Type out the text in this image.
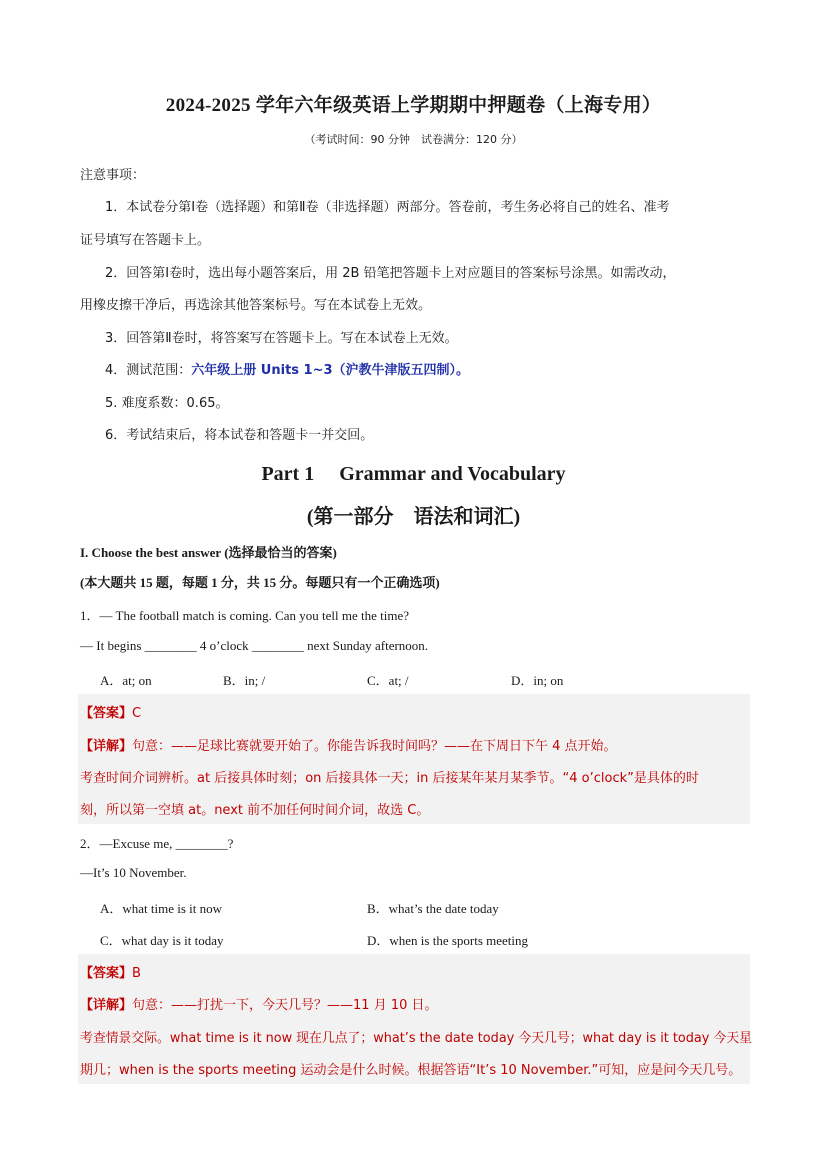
2024-2025 学年六年级英语上学期期中押题卷（上海专用）
（考试时间：90 分钟　试卷满分：120 分）
注意事项：
1．本试卷分第Ⅰ卷（选择题）和第Ⅱ卷（非选择题）两部分。答卷前，考生务必将自己的姓名、准考
证号填写在答题卡上。
2．回答第Ⅰ卷时，选出每小题答案后，用 2B 铅笔把答题卡上对应题目的答案标号涂黑。如需改动，
用橡皮擦干净后，再选涂其他答案标号。写在本试卷上无效。
3．回答第Ⅱ卷时，将答案写在答题卡上。写在本试卷上无效。
4．测试范围：六年级上册 Units 1~3（沪教牛津版五四制）。
5. 难度系数：0.65。
6．考试结束后，将本试卷和答题卡一并交回。
Part 1　 Grammar and Vocabulary
(第一部分　语法和词汇)
I. Choose the best answer (选择最恰当的答案)
(本大题共 15 题，每题 1 分，共 15 分。每题只有一个正确选项)
1．— The football match is coming. Can you tell me the time?
— It begins ________ 4 o’clock ________ next Sunday afternoon.
A．at; on	B．in; /	C．at; /	D．in; on
【答案】C
【详解】句意：——足球比赛就要开始了。你能告诉我时间吗？——在下周日下午 4 点开始。
考查时间介词辨析。at 后接具体时刻；on 后接具体一天；in 后接某年某月某季节。“4 o’clock”是具体的时
刻，所以第一空填 at。next 前不加任何时间介词，故选 C。
2．—Excuse me, ________?
—It’s 10 November.
A．what time is it now	B．what’s the date today
C．what day is it today	D．when is the sports meeting
【答案】B
【详解】句意：——打扰一下，今天几号？——11 月 10 日。
考查情景交际。what time is it now 现在几点了；what’s the date today 今天几号；what day is it today 今天星
期几；when is the sports meeting 运动会是什么时候。根据答语“It’s 10 November.”可知，应是问今天几号。
